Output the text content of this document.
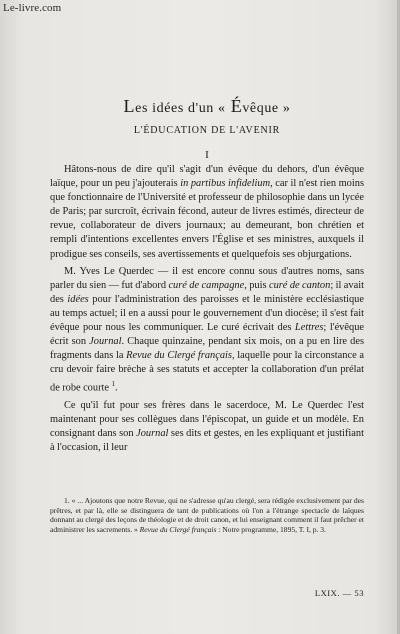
Le-livre.com
Les idées d'un « Évêque »
L'ÉDUCATION DE L'AVENIR
I

Hâtons-nous de dire qu'il s'agit d'un évêque du dehors, d'un évêque laïque, pour un peu j'ajouterais in partibus infidelium, car il n'est rien moins que fonctionnaire de l'Université et professeur de philosophie dans un lycée de Paris; par surcroît, écrivain fécond, auteur de livres estimés, directeur de revue, collaborateur de divers journaux; au demeurant, bon chrétien et rempli d'intentions excellentes envers l'Église et ses ministres, auxquels il prodigue ses conseils, ses avertissements et quelquefois ses objurgations.

M. Yves Le Querdec — il est encore connu sous d'autres noms, sans parler du sien — fut d'abord curé de campagne, puis curé de canton; il avait des idées pour l'administration des paroisses et le ministère ecclésiastique au temps actuel; il en a aussi pour le gouvernement d'un diocèse; il s'est fait évêque pour nous les communiquer. Le curé écrivait des Lettres; l'évêque écrit son Journal. Chaque quinzaine, pendant six mois, on a pu en lire des fragments dans la Revue du Clergé français, laquelle pour la circonstance a cru devoir faire brèche à ses statuts et accepter la collaboration d'un prélat de robe courte $^1$.

Ce qu'il fut pour ses frères dans le sacerdoce, M. Le Querdec l'est maintenant pour ses collègues dans l'épiscopat, un guide et un modèle. En consignant dans son Journal ses dits et gestes, en les expliquant et justifiant à l'occasion, il leur

1. « ... Ajoutons que notre Revue, qui ne s'adresse qu'au clergé, sera rédigée exclusivement par des prêtres, et par là, elle se distinguera de tant de publications où l'on a l'étrange spectacle de laïques donnant au clergé des leçons de théologie et de droit canon, et lui enseignant comment il faut prêcher et administrer les sacrements. » Revue du Clergé français : Notre programme, 1895, T. I, p. 3.
LXIX. — 53
